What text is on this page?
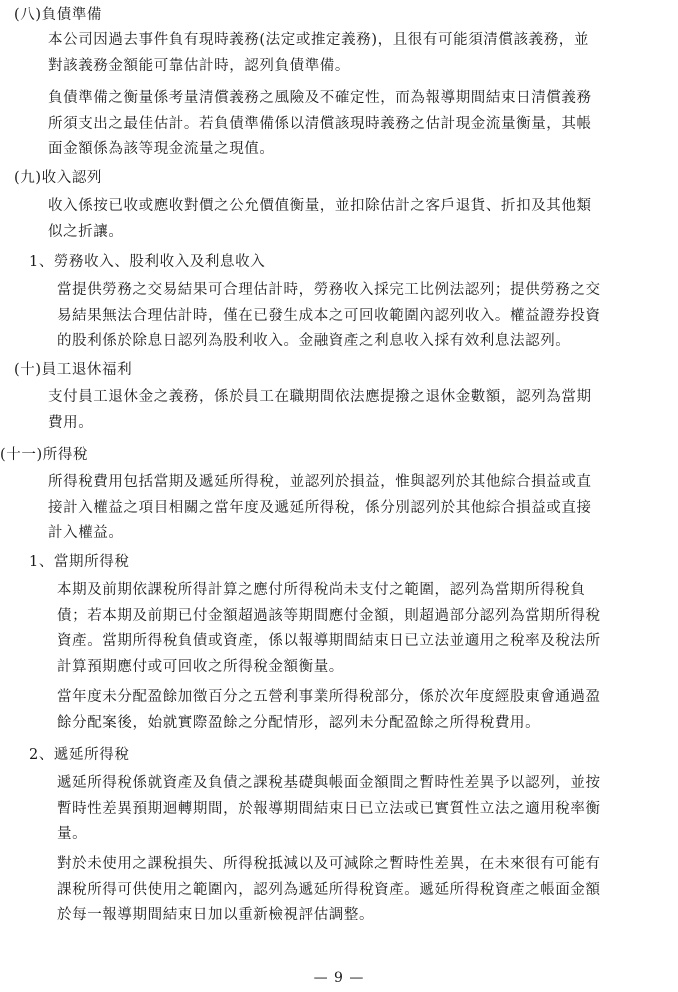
(八)負債準備
本公司因過去事件負有現時義務(法定或推定義務)，且很有可能須清償該義務，並
對該義務金額能可靠估計時，認列負債準備。
負債準備之衡量係考量清償義務之風險及不確定性，而為報導期間結束日清償義務
所須支出之最佳估計。若負債準備係以清償該現時義務之估計現金流量衡量，其帳
面金額係為該等現金流量之現值。
(九)收入認列
收入係按已收或應收對價之公允價值衡量，並扣除估計之客戶退貨、折扣及其他類
似之折讓。
1、勞務收入、股利收入及利息收入
當提供勞務之交易結果可合理估計時，勞務收入採完工比例法認列；提供勞務之交
易結果無法合理估計時，僅在已發生成本之可回收範圍內認列收入。權益證券投資
的股利係於除息日認列為股利收入。金融資產之利息收入採有效利息法認列。
(十)員工退休福利
支付員工退休金之義務，係於員工在職期間依法應提撥之退休金數額，認列為當期
費用。
(十一)所得稅
所得稅費用包括當期及遞延所得稅，並認列於損益，惟與認列於其他綜合損益或直
接計入權益之項目相關之當年度及遞延所得稅，係分別認列於其他綜合損益或直接
計入權益。
1、當期所得稅
本期及前期依課稅所得計算之應付所得稅尚未支付之範圍，認列為當期所得稅負
債；若本期及前期已付金額超過該等期間應付金額，則超過部分認列為當期所得稅
資產。當期所得稅負債或資產，係以報導期間結束日已立法並適用之稅率及稅法所
計算預期應付或可回收之所得稅金額衡量。
當年度未分配盈餘加徵百分之五營利事業所得稅部分，係於次年度經股東會通過盈
餘分配案後，始就實際盈餘之分配情形，認列未分配盈餘之所得稅費用。
2、遞延所得稅
遞延所得稅係就資產及負債之課稅基礎與帳面金額間之暫時性差異予以認列，並按
暫時性差異預期迴轉期間，於報導期間結束日已立法或已實質性立法之適用稅率衡
量。
對於未使用之課稅損失、所得稅抵減以及可減除之暫時性差異，在未來很有可能有
課稅所得可供使用之範圍內，認列為遞延所得稅資產。遞延所得稅資產之帳面金額
於每一報導期間結束日加以重新檢視評估調整。
— 9 —
